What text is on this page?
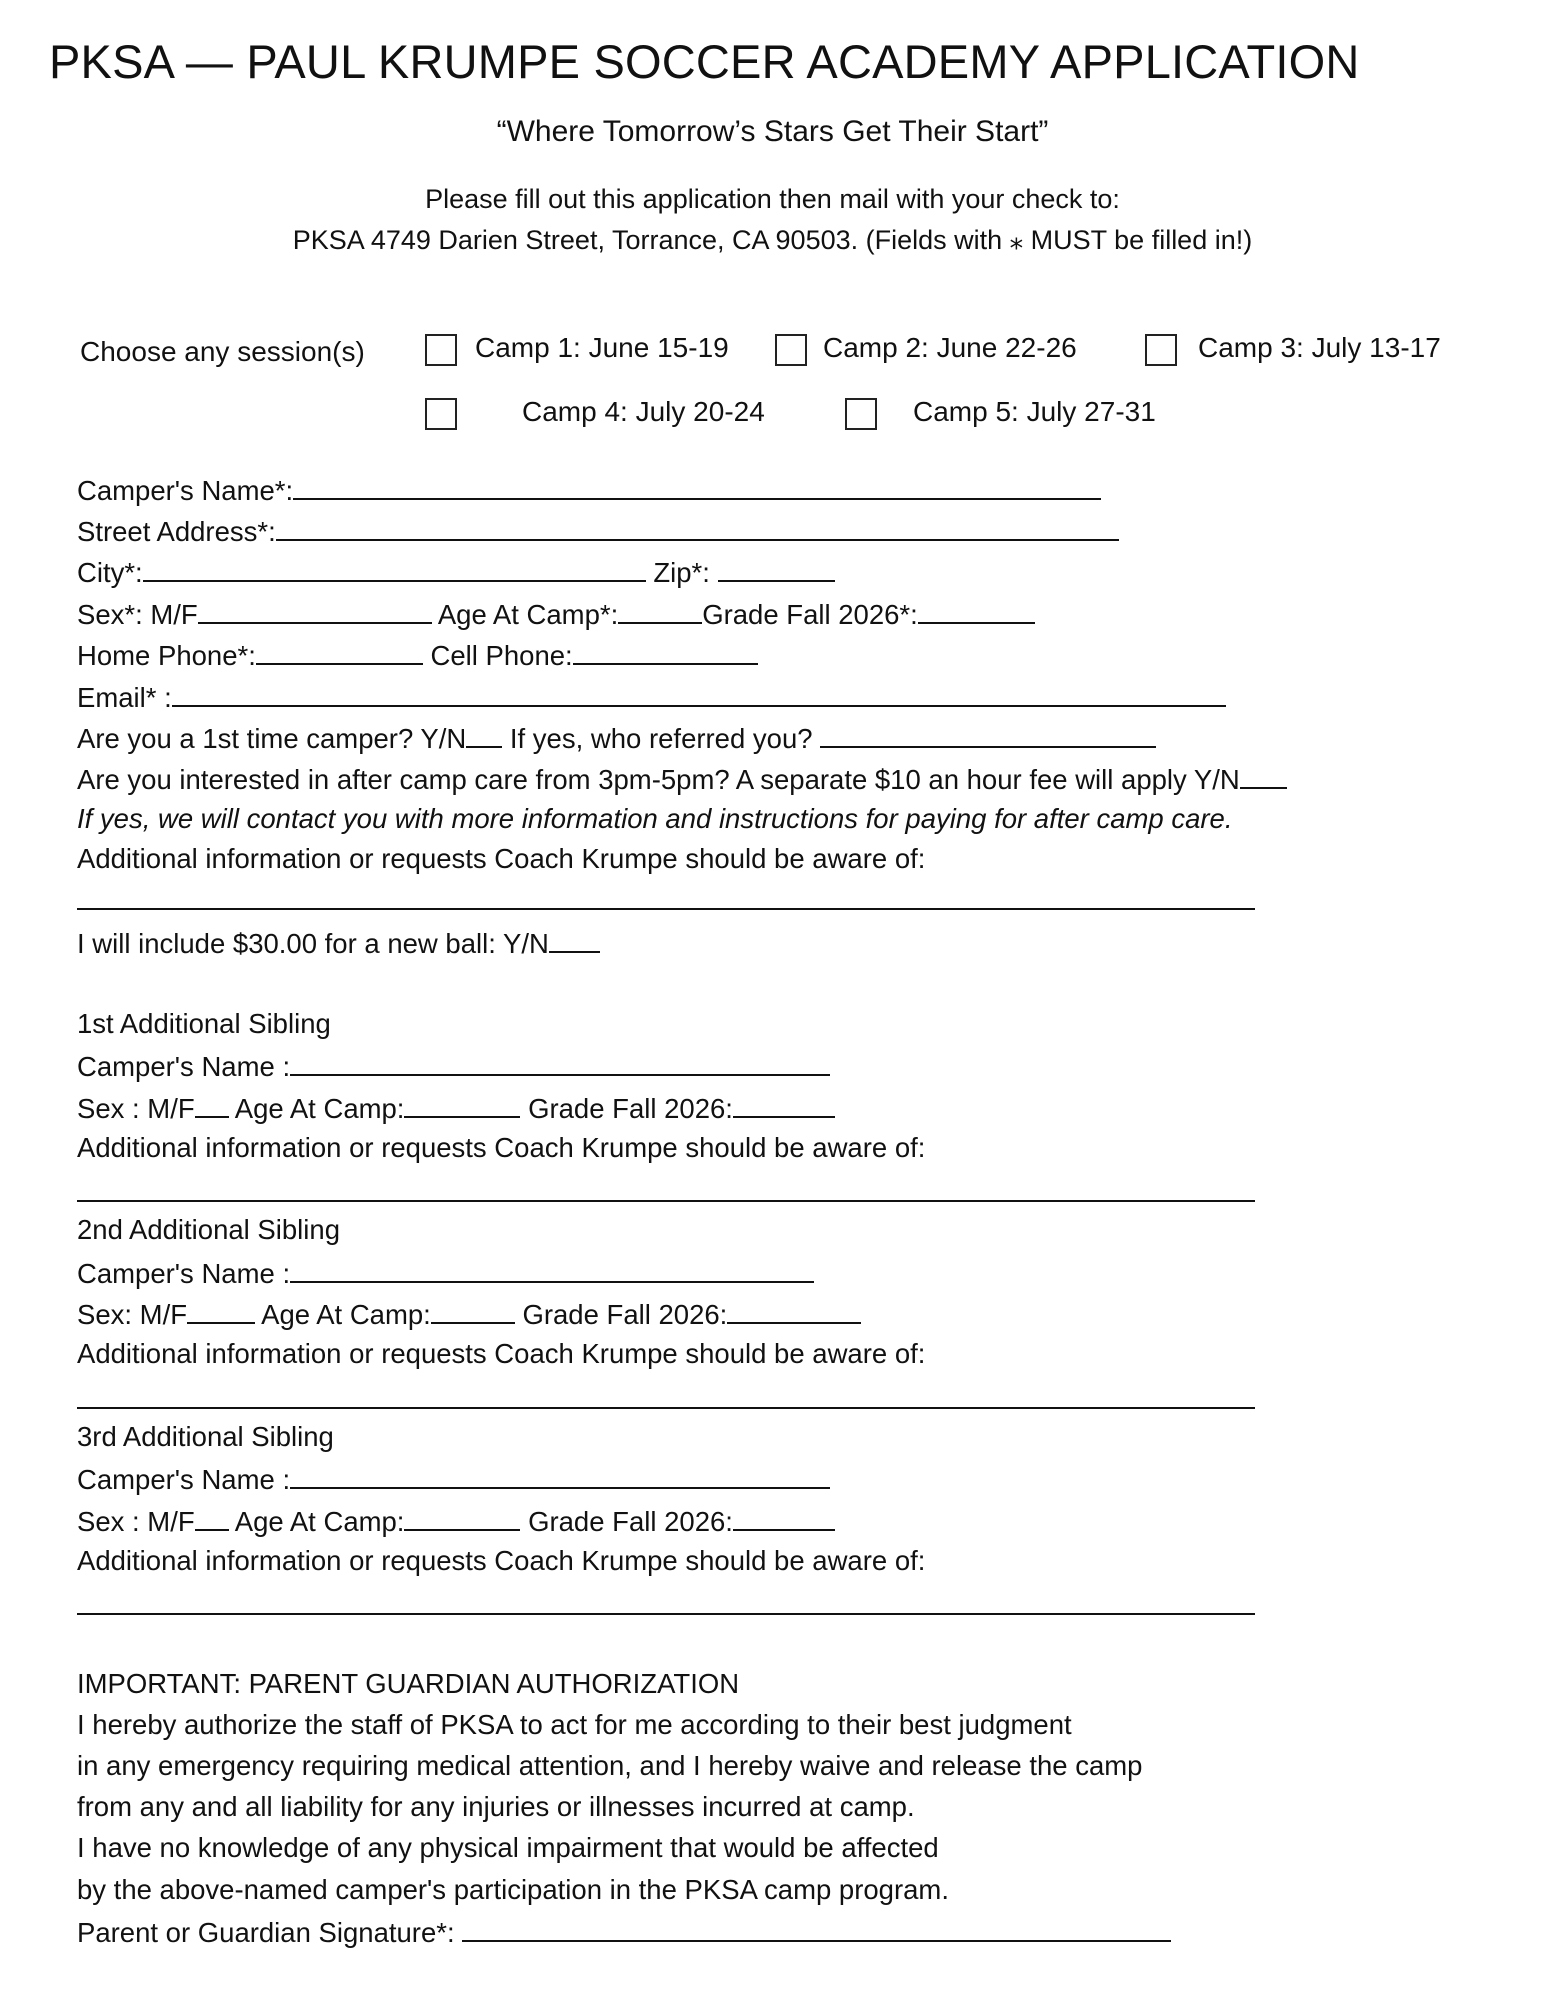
PKSA — PAUL KRUMPE SOCCER ACADEMY APPLICATION
“Where Tomorrow’s Stars Get Their Start”
Please fill out this application then mail with your check to:
PKSA 4749 Darien Street, Torrance, CA 90503. (Fields with ⁎ MUST be filled in!)
Choose any session(s)	Camp 1: June 15-19	Camp 2: June 22-26	Camp 3: July 13-17
Camp 4: July 20-24	Camp 5: July 27-31
Camper's Name*:
Street Address*:
City*:	Zip*:
Sex*: M/F	Age At Camp*:	Grade Fall 2026*:
Home Phone*:	Cell Phone:
Email* :
Are you a 1st time camper? Y/N If yes, who referred you?
Are you interested in after camp care from 3pm-5pm? A separate $10 an hour fee will apply Y/N
If yes, we will contact you with more information and instructions for paying for after camp care.
Additional information or requests Coach Krumpe should be aware of:
I will include $30.00 for a new ball: Y/N
1st Additional Sibling
Camper's Name :
Sex : M/F Age At Camp:	Grade Fall 2026:
Additional information or requests Coach Krumpe should be aware of:
2nd Additional Sibling
Camper's Name :
Sex: M/F Age At Camp:	Grade Fall 2026:
Additional information or requests Coach Krumpe should be aware of:
3rd Additional Sibling
Camper's Name :
Sex : M/F Age At Camp:	Grade Fall 2026:
Additional information or requests Coach Krumpe should be aware of:
IMPORTANT: PARENT GUARDIAN AUTHORIZATION
I hereby authorize the staff of PKSA to act for me according to their best judgment
in any emergency requiring medical attention, and I hereby waive and release the camp
from any and all liability for any injuries or illnesses incurred at camp.
I have no knowledge of any physical impairment that would be affected
by the above-named camper's participation in the PKSA camp program.
Parent or Guardian Signature*:
